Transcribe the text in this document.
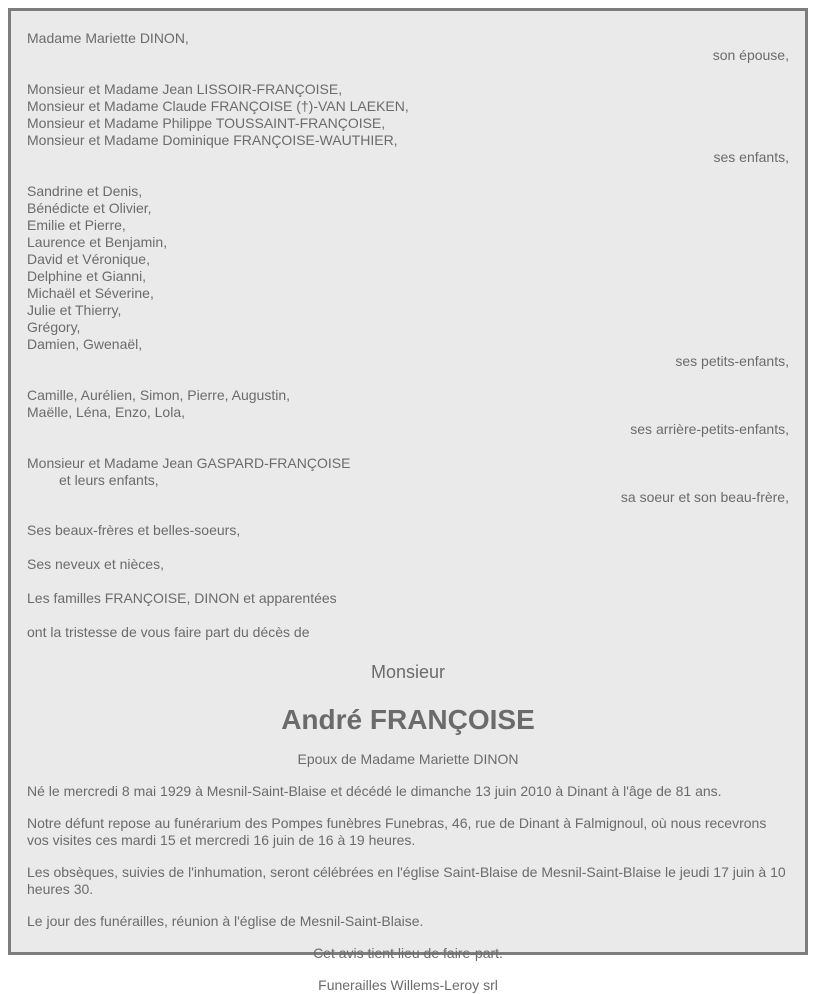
Madame Mariette DINON,
son épouse,
Monsieur et Madame Jean LISSOIR-FRANÇOISE,
Monsieur et Madame Claude FRANÇOISE (†)-VAN LAEKEN,
Monsieur et Madame Philippe TOUSSAINT-FRANÇOISE,
Monsieur et Madame Dominique FRANÇOISE-WAUTHIER,
ses enfants,
Sandrine et Denis,
Bénédicte et Olivier,
Emilie et Pierre,
Laurence et Benjamin,
David et Véronique,
Delphine et Gianni,
Michaël et Séverine,
Julie et Thierry,
Grégory,
Damien, Gwenaël,
ses petits-enfants,
Camille, Aurélien, Simon, Pierre, Augustin,
Maëlle, Léna, Enzo, Lola,
ses arrière-petits-enfants,
Monsieur et Madame Jean GASPARD-FRANÇOISE
et leurs enfants,
sa soeur et son beau-frère,
Ses beaux-frères et belles-soeurs,
Ses neveux et nièces,
Les familles FRANÇOISE, DINON et apparentées
ont la tristesse de vous faire part du décès de
Monsieur
André FRANÇOISE
Epoux de Madame Mariette DINON
Né le mercredi 8 mai 1929 à Mesnil-Saint-Blaise et décédé le dimanche 13 juin 2010 à Dinant à l'âge de 81 ans.
Notre défunt repose au funérarium des Pompes funèbres Funebras, 46, rue de Dinant à Falmignoul, où nous recevrons vos visites ces mardi 15 et mercredi 16 juin de 16 à 19 heures.
Les obsèques, suivies de l'inhumation, seront célébrées en l'église Saint-Blaise de Mesnil-Saint-Blaise le jeudi 17 juin à 10 heures 30.
Le jour des funérailles, réunion à l'église de Mesnil-Saint-Blaise.
Cet avis tient lieu de faire-part.
Funerailles Willems-Leroy srl
